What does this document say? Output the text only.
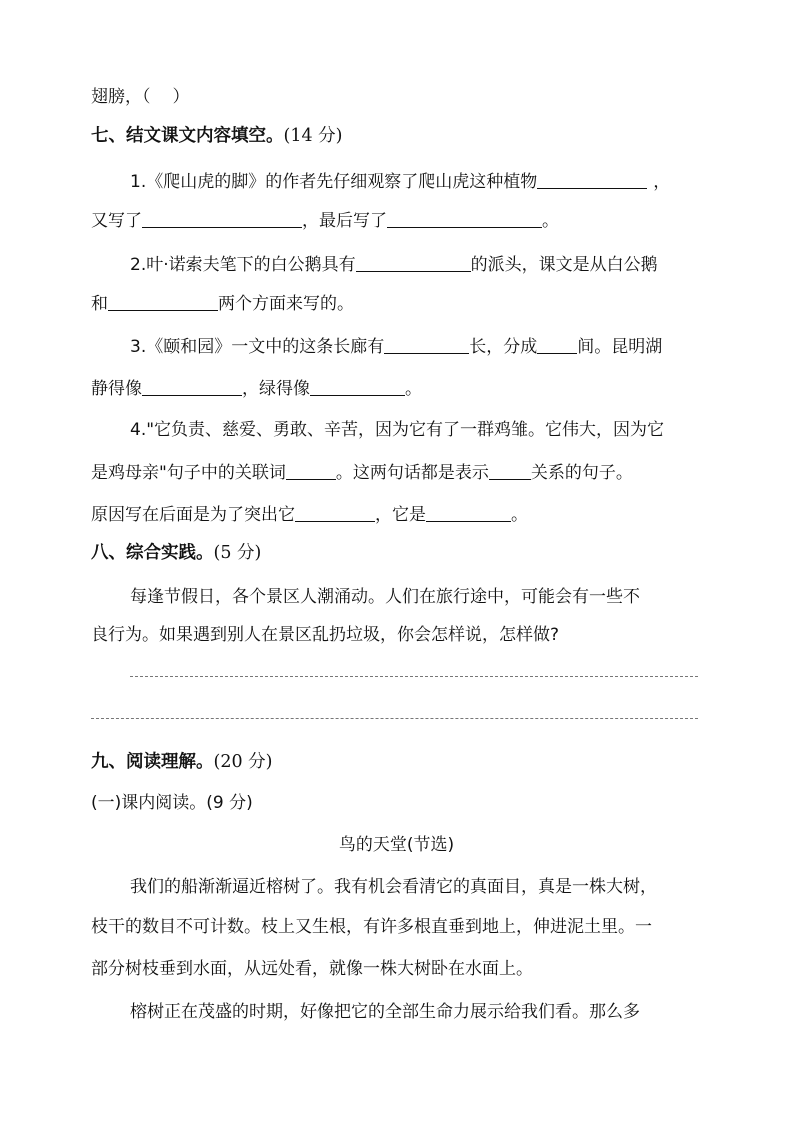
翅膀，（ ）
七、结文课文内容填空。(14 分)
1.《爬山虎的脚》的作者先仔细观察了爬山虎这种植物	，
又写了	，最后写了	。
2.叶·诺索夫笔下的白公鹅具有	的派头，课文是从白公鹅
和	两个方面来写的。
3.《颐和园》一文中的这条长廊有	长，分成 间。昆明湖
静得像	，绿得像	。
4."它负责、慈爱、勇敢、辛苦，因为它有了一群鸡雏。它伟大，因为它
是鸡母亲"句子中的关联词	。这两句话都是表示 关系的句子。
原因写在后面是为了突出它	，它是	。
八、综合实践。(5 分)
每逢节假日，各个景区人潮涌动。人们在旅行途中，可能会有一些不
良行为。如果遇到别人在景区乱扔垃圾，你会怎样说，怎样做?
九、阅读理解。(20 分)
(一)课内阅读。(9 分)
鸟的天堂(节选)
我们的船渐渐逼近榕树了。我有机会看清它的真面目，真是一株大树，
枝干的数目不可计数。枝上又生根，有许多根直垂到地上，伸进泥土里。一
部分树枝垂到水面，从远处看，就像一株大树卧在水面上。
榕树正在茂盛的时期，好像把它的全部生命力展示给我们看。那么多
